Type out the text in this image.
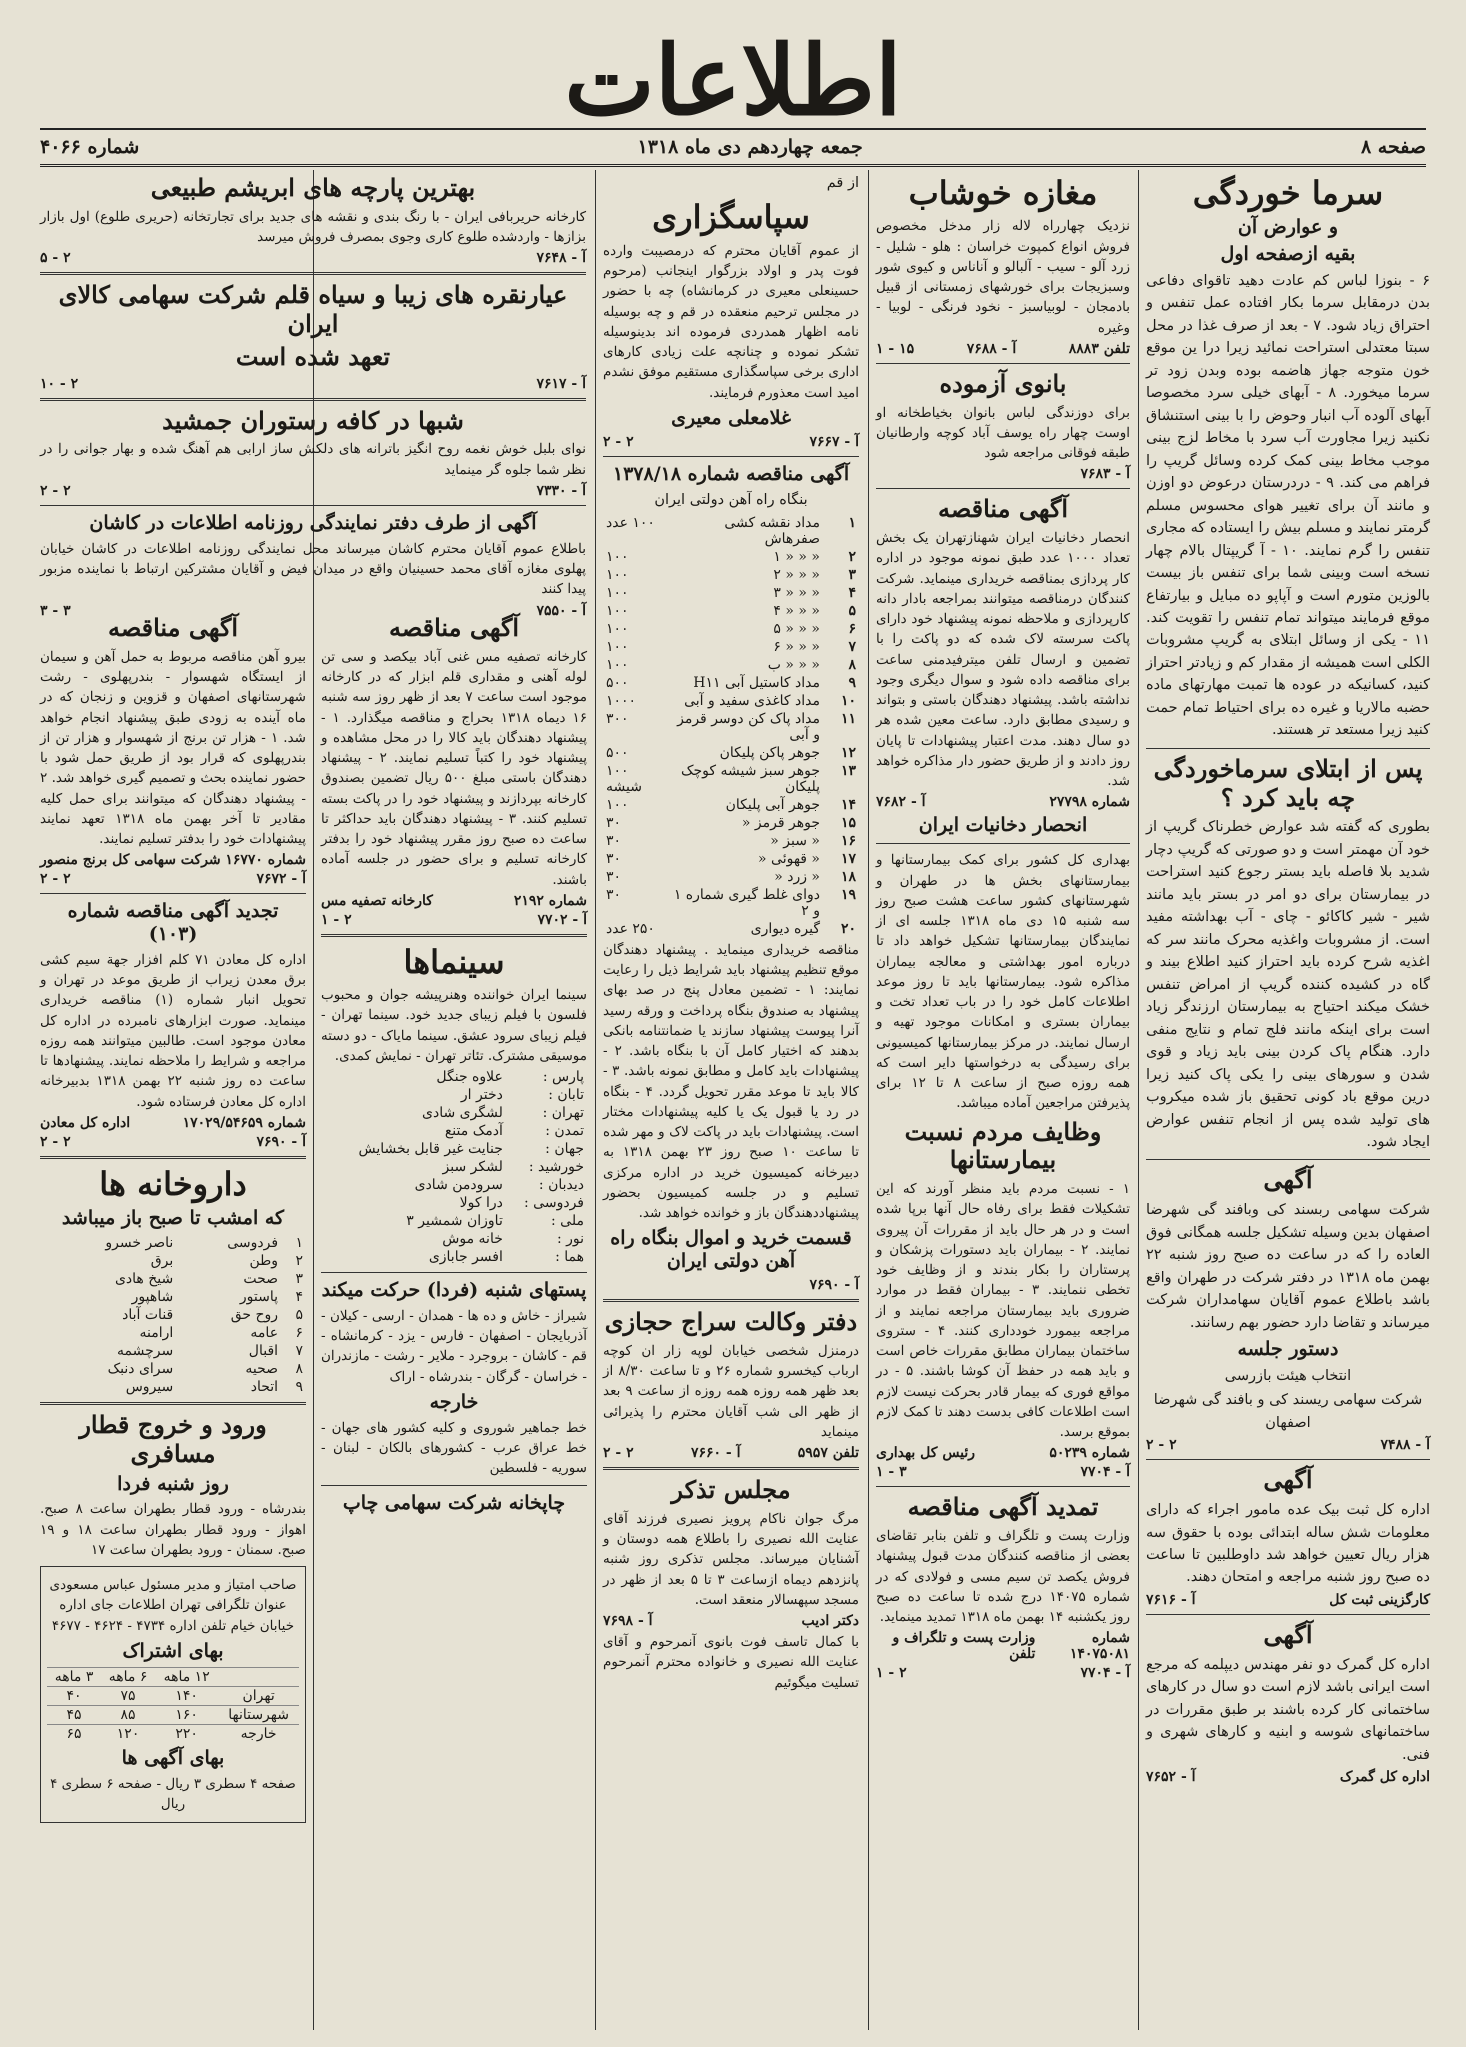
اطلاعات
صفحه ۸
جمعه چهاردهم دی ماه ۱۳۱۸
شماره ۴۰۶۶
سرما خوردگی
و عوارض آن
بقیه ازصفحه اول

۶ - بنوزا لباس کم عادت دهید تاقوای دفاعی بدن درمقابل سرما بکار افتاده عمل تنفس و احتراق زیاد شود. ۷ - بعد از صرف غذا در محل سبتا معتدلی استراحت نمائید زیرا درا ین موقع خون متوجه جهاز هاضمه بوده وبدن زود تر سرما میخورد. ۸ - آبهای خیلی سرد مخصوصا آبهای آلوده آب انبار وحوض را با بینی استنشاق نکنید زیرا مجاورت آب سرد با مخاط لزج بینی موجب مخاط بینی کمک کرده وسائل گریپ را فراهم می کند. ۹ - دردرستان درعوض دو اوزن و مانند آن برای تغییر هوای محسوس مسلم گرمتر نمایند و مسلم بیش را ایستاده که مجاری تنفس را گرم نمایند. ۱۰ - آ گریپتال بالام چهار نسخه است وبینی شما برای تنفس باز بیست بالوزین متورم است و آپاپو ده مبایل و بیارتفاع موقع فرمایند میتواند تمام تنفس را تقویت کند. ۱۱ - یکی از وسائل ابتلای به گریپ مشروبات الکلی است همیشه از مقدار کم و زیادتر احتراز کنید، کسانیکه در عوده ها تمبت مهارتهای ماده حضبه مالاریا و غیره ده برای احتیاط تمام حمت کنید زیرا مستعد تر هستند.

پس از ابتلای سرماخوردگی چه باید کرد ؟

بطوری که گفته شد عوارض خطرناک گریپ از خود آن مهمتر است و دو صورتی که گریپ دچار شدید بلا فاصله باید بستر رجوع کنید استراحت در بیمارستان برای دو امر در بستر باید مانند شیر - شیر کاکائو - چای - آب بهداشته مفید است. از مشروبات واغذیه محرک مانند سر که اغذیه شرح کرده باید احتراز کنید اطلاع بیند و گاه در کشیده کننده گریپ از امراض تنفس خشک میکند احتیاج به بیمارستان ارزندگر زیاد است برای اینکه مانند فلج تمام و نتایج منفی دارد. هنگام پاک کردن بینی باید زیاد و قوی شدن و سورهای بینی را یکی پاک کنید زیرا درین موقع باد کونی تحقیق باز شده میکروب های تولید شده پس از انجام تنفس عوارض ایجاد شود.

آگهی

شرکت سهامی ربسند کی وبافند گی شهرضا اصفهان بدین وسیله تشکیل جلسه همگانی فوق العاده را که در ساعت ده صبح روز شنبه ۲۲ بهمن ماه ۱۳۱۸ در دفتر شرکت در طهران واقع باشد باطلاع عموم آقایان سهامداران شرکت میرساند و تقاضا دارد حضور بهم رسانند.

دستور جلسه

انتخاب هیئت بازرسی

شرکت سهامی ریسند کی و بافند گی شهرضا اصفهان

آ - ۷۴۸۸
۲ - ۲
آگهی

اداره کل ثبت بیک عده مامور اجراء که دارای معلومات شش ساله ابتدائی بوده با حقوق سه هزار ریال تعیین خواهد شد داوطلبین تا ساعت ده صبح روز شنبه مراجعه و امتحان دهند.

کارگزینی ثبت کل
آ - ۷۶۱۶
آگهی

اداره کل گمرک دو نفر مهندس دیپلمه که مرجع است ایرانی باشد لازم است دو سال در کارهای ساختمانی کار کرده باشند بر طبق مقررات در ساختمانهای شوسه و ابنیه و کارهای شهری و فنی.

اداره کل گمرک
آ - ۷۶۵۲
مغازه خوشاب

نزدیک چهارراه لاله زار مدخل مخصوص فروش انواع کمپوت خراسان : هلو - شلیل - زرد آلو - سیب - آلبالو و آناناس و کیوی شور وسبزیجات برای خورشهای زمستانی از قبیل بادمجان - لوبیاسبز - نخود فرنگی - لوبیا - وغیره

تلفن ۸۸۸۳
آ - ۷۶۸۸
۱۵ - ۱
بانوی آزموده

برای دوزندگی لباس بانوان بخیاطخانه او اوست چهار راه یوسف آباد کوچه وارطانیان طبقه فوقانی مراجعه شود

آ - ۷۶۸۳
آگهی مناقصه

انحصار دخانیات ایران شهنازتهران یک بخش تعداد ۱۰۰۰ عدد طبق نمونه موجود در اداره کار پردازی بمناقصه خریداری مینماید. شرکت کنندگان درمناقصه میتوانند بمراجعه بادار دانه کارپردازی و ملاحظه نمونه پیشنهاد خود دارای پاکت سرسته لاک شده که دو پاکت را با تضمین و ارسال تلفن میترفیدمنی ساعت برای مناقصه داده شود و سوال دیگری وجود نداشته باشد. پیشنهاد دهندگان باستی و بتواند و رسیدی مطابق دارد. ساعت معین شده هر دو سال دهند. مدت اعتبار پیشنهادات تا پایان روز دادند و از طریق حضور دار مذاکره خواهد شد.

شماره ۲۷۷۹۸
آ - ۷۶۸۲
انحصار دخانیات ایران

بهداری کل کشور برای کمک بیمارستانها و بیمارستانهای بخش ها در طهران و شهرستانهای کشور ساعت هشت صبح روز سه شنبه ۱۵ دی ماه ۱۳۱۸ جلسه ای از نمایندگان بیمارستانها تشکیل خواهد داد تا درباره امور بهداشتی و معالجه بیماران مذاکره شود. بیمارستانها باید تا روز موعد اطلاعات کامل خود را در باب تعداد تخت و بیماران بستری و امکانات موجود تهیه و ارسال نمایند. در مرکز بیمارستانها کمیسیونی برای رسیدگی به درخواستها دایر است که همه روزه صبح از ساعت ۸ تا ۱۲ برای پذیرفتن مراجعین آماده میباشد.

وظایف مردم نسبت بیمارستانها

۱ - نسبت مردم باید منظر آورند که این تشکیلات فقط برای رفاه حال آنها برپا شده است و در هر حال باید از مقررات آن پیروی نمایند. ۲ - بیماران باید دستورات پزشکان و پرستاران را بکار بندند و از وظایف خود تخطی ننمایند. ۳ - بیماران فقط در موارد ضروری باید بیمارستان مراجعه نمایند و از مراجعه بیمورد خودداری کنند. ۴ - ستروی ساختمان بیماران مطابق مقررات خاص است و باید همه در حفظ آن کوشا باشند. ۵ - در مواقع فوری که بیمار قادر بحرکت نیست لازم است اطلاعات کافی بدست دهند تا کمک لازم بموقع برسد.

شماره ۵۰۲۳۹
رئیس کل بهداری
آ - ۷۷۰۴
۳ - ۱
تمدید آگهی مناقصه

وزارت پست و تلگراف و تلفن بنابر تقاضای بعضی از مناقصه کنندگان مدت قبول پیشنهاد فروش یکصد تن سیم مسی و فولادی که در شماره ۱۴۰۷۵ درج شده تا ساعت ده صبح روز یکشنبه ۱۴ بهمن ماه ۱۳۱۸ تمدید مینماید.

شماره ۱۴۰۷۵۰۸۱
وزارت پست و تلگراف و تلفن
آ - ۷۷۰۴
۲ - ۱
از قم
سپاسگزاری

از عموم آقایان محترم که درمصیبت وارده فوت پدر و اولاد بزرگوار اینجانب (مرحوم حسینعلی معیری در کرمانشاه) چه با حضور در مجلس ترحیم منعقده در قم و چه بوسیله نامه اظهار همدردی فرموده اند بدینوسیله تشکر نموده و چنانچه علت زیادی کارهای اداری برخی سپاسگذاری مستقیم موفق نشدم امید است معذورم فرمایند.

غلامعلی معیری
آ - ۷۶۶۷
۲ - ۲
آگهی مناقصه شماره ۱۳۷۸/۱۸
بنگاه راه آهن دولتی ایران
۱	مداد نقشه کشی صفرهاش	۱۰۰ عدد
۲	« « « ۱	۱۰۰
۳	« « « ۲	۱۰۰
۴	« « « ۳	۱۰۰
۵	« « « ۴	۱۰۰
۶	« « « ۵	۱۰۰
۷	« « « ۶	۱۰۰
۸	« « « ب	۱۰۰
۹	مداد کاستیل آبی H۱۱	۵۰۰
۱۰	مداد کاغذی سفید و آبی	۱۰۰۰
۱۱	مداد پاک کن دوسر قرمز و آبی	۳۰۰
۱۲	جوهر پاکن پلیکان	۵۰۰
۱۳	جوهر سبز شیشه کوچک پلیکان	۱۰۰ شیشه
۱۴	جوهر آبی پلیکان	۱۰۰
۱۵	جوهر قرمز «	۳۰
۱۶	« سبز «	۳۰
۱۷	« قهوئی «	۳۰
۱۸	« زرد «	۳۰
۱۹	دوای غلط گیری شماره ۱ و ۲	۳۰
۲۰	گیره دیواری	۲۵۰ عدد

مناقصه خریداری مینماید . پیشنهاد دهندگان موقع تنظیم پیشنهاد باید شرایط ذیل را رعایت نمایند: ۱ - تضمین معادل پنج در صد بهای پیشنهاد به صندوق بنگاه پرداخت و ورقه رسید آنرا پیوست پیشنهاد سازند یا ضمانتنامه بانکی بدهند که اختیار کامل آن با بنگاه باشد. ۲ - پیشنهادات باید کامل و مطابق نمونه باشد. ۳ - کالا باید تا موعد مقرر تحویل گردد. ۴ - بنگاه در رد یا قبول یک یا کلیه پیشنهادات مختار است. پیشنهادات باید در پاکت لاک و مهر شده تا ساعت ۱۰ صبح روز ۲۳ بهمن ۱۳۱۸ به دبیرخانه کمیسیون خرید در اداره مرکزی تسلیم و در جلسه کمیسیون بحضور پیشنهاددهندگان باز و خوانده خواهد شد.

قسمت خرید و اموال بنگاه راه آهن دولتی ایران
آ - ۷۶۹۰
دفتر وکالت سراج حجازی

درمنزل شخصی خیابان لوپه زار ان کوچه ارباب کیخسرو شماره ۲۶ و تا ساعت ۸/۳۰ از بعد ظهر همه روزه همه روزه از ساعت ۹ بعد از ظهر الی شب آقایان محترم را پذیرائی مینماید

تلفن ۵۹۵۷
آ - ۷۶۶۰
۲ - ۲
مجلس تذکر

مرگ جوان ناکام پرویز نصیری فرزند آقای عنایت الله نصیری را باطلاع همه دوستان و آشنایان میرساند. مجلس تذکری روز شنبه پانزدهم دیماه ازساعت ۳ تا ۵ بعد از ظهر در مسجد سپهسالار منعقد است.

دکتر ادیب
آ - ۷۶۹۸

با کمال تاسف فوت بانوی آنمرحوم و آقای عنایت الله نصیری و خانواده محترم آنمرحوم تسلیت میگوئیم

بهترین پارچه های ابریشم طبیعی

کارخانه حریربافی ایران - با رنگ بندی و نقشه های جدید برای تجارتخانه (حریری طلوع) اول بازار بزازها - واردشده طلوع کاری وجوی بمصرف فروش میرسد

آ - ۷۶۴۸
۲ - ۵
عیارنقره های زیبا و سیاه قلم شرکت سهامی کالای ایران
تعهد شده است
آ - ۷۶۱۷
۲ - ۱۰
شبها در کافه رستوران جمشید

نوای بلبل خوش نغمه روح انگیز باترانه های دلکش ساز ارابی هم آهنگ شده و بهار جوانی را در نظر شما جلوه گر مینماید

آ - ۷۳۳۰
۲ - ۲
آگهی از طرف دفتر نمایندگی روزنامه اطلاعات در کاشان

باطلاع عموم آقایان محترم کاشان میرساند محل نمایندگی روزنامه اطلاعات در کاشان خیابان پهلوی مغازه آقای محمد حسینیان واقع در میدان فیض و آقایان مشترکین ارتباط با نماینده مزبور پیدا کنند

آ - ۷۵۵۰
۳ - ۳
آگهی مناقصه

کارخانه تصفیه مس غنی آباد بیکصد و سی تن لوله آهنی و مقداری قلم ابزار که در کارخانه موجود است ساعت ۷ بعد از ظهر روز سه شنبه ۱۶ دیماه ۱۳۱۸ بحراج و مناقصه میگذارد. ۱ - پیشنهاد دهندگان باید کالا را در محل مشاهده و پیشنهاد خود را کتباً تسلیم نمایند. ۲ - پیشنهاد دهندگان باستی مبلغ ۵۰۰ ریال تضمین بصندوق کارخانه بپردازند و پیشنهاد خود را در پاکت بسته تسلیم کنند. ۳ - پیشنهاد دهندگان باید حداکثر تا ساعت ده صبح روز مقرر پیشنهاد خود را بدفتر کارخانه تسلیم و برای حضور در جلسه آماده باشند.

شماره ۲۱۹۲
کارخانه تصفیه مس
آ - ۷۷۰۲
۲ - ۱
سینماها

سینما ایران خواننده وهنرپیشه جوان و محبوب فلسون با فیلم زیبای جدید خود. سینما تهران - فیلم زیبای سرود عشق. سینما مایاک - دو دسته موسیقی مشترک. تئاتر تهران - نمایش کمدی.

پارس :	علاوه جنگل
تابان :	دختر ار
تهران :	لشگری شادی
تمدن :	آدمک متنع
جهان :	جنایت غیر قابل بخشایش
خورشید :	لشکر سبز
دیدبان :	سرودمن شادی
فردوسی :	درا کولا
ملی :	تاوزان شمشیر ۳
نور :	خانه موش
هما :	افسر جابازی
پستهای شنبه (فردا) حرکت میکند

شیراز - خاش و ده ها - همدان - ارسی - کیلان - آذربایجان - اصفهان - فارس - یزد - کرمانشاه - قم - کاشان - بروجرد - ملایر - رشت - مازندران - خراسان - گرگان - بندرشاه - اراک

خارجه

خط جماهیر شوروی و کلیه کشور های جهان - خط عراق عرب - کشورهای بالکان - لبنان - سوریه - فلسطین

چاپخانه شرکت سهامی چاپ
آگهی مناقصه

بیرو آهن مناقصه مربوط به حمل آهن و سیمان از ایستگاه شهسوار - بندرپهلوی - رشت شهرستانهای اصفهان و قزوین و زنجان که در ماه آینده به زودی طبق پیشنهاد انجام خواهد شد. ۱ - هزار تن برنج از شهسوار و هزار تن از بندرپهلوی که قرار بود از طریق حمل شود با حضور نماینده بحث و تصمیم گیری خواهد شد. ۲ - پیشنهاد دهندگان که میتوانند برای حمل کلیه مقادیر تا آخر بهمن ماه ۱۳۱۸ تعهد نمایند پیشنهادات خود را بدفتر تسلیم نمایند.

شماره ۱۶۷۷۰
شرکت سهامی کل برنج منصور
آ - ۷۶۷۲
۲ - ۲
تجدید آگهی مناقصه شماره (۱۰۳)

اداره کل معادن ۷۱ کلم افزار جهة سیم کشی برق معدن زیراب از طریق موعد در تهران و تحویل انبار شماره (۱) مناقصه خریداری مینماید. صورت ابزارهای نامبرده در اداره کل معادن موجود است. طالبین میتوانند همه روزه مراجعه و شرایط را ملاحظه نمایند. پیشنهادها تا ساعت ده روز شنبه ۲۲ بهمن ۱۳۱۸ بدبیرخانه اداره کل معادن فرستاده شود.

شماره ۱۷۰۲۹/۵۴۶۵۹
اداره کل معادن
آ - ۷۶۹۰
۲ - ۲
داروخانه ها
که امشب تا صبح باز میباشد
۱	فردوسی	ناصر خسرو
۲	وطن	برق
۳	صحت	شیخ هادی
۴	پاستور	شاهپور
۵	روح حق	قنات آباد
۶	عامه	ارامنه
۷	اقبال	سرچشمه
۸	صحیه	سرای دنبک
۹	اتحاد	سیروس
ورود و خروج قطار مسافری
روز شنبه فردا

بندرشاه - ورود قطار بطهران ساعت ۸ صبح. اهواز - ورود قطار بطهران ساعت ۱۸ و ۱۹ صبح. سمنان - ورود بطهران ساعت ۱۷

صاحب امتیاز و مدیر مسئول عباس مسعودی عنوان تلگرافی تهران اطلاعات جای اداره خیابان خیام تلفن اداره ۴۷۳۴ - ۴۶۲۴ - ۴۶۷۷

بهای اشتراک
	۱۲ ماهه	۶ ماهه	۳ ماهه
تهران	۱۴۰	۷۵	۴۰
شهرستانها	۱۶۰	۸۵	۴۵
خارجه	۲۲۰	۱۲۰	۶۵
بهای آگهی ها

صفحه ۴ سطری ۳ ریال - صفحه ۶ سطری ۴ ریال
